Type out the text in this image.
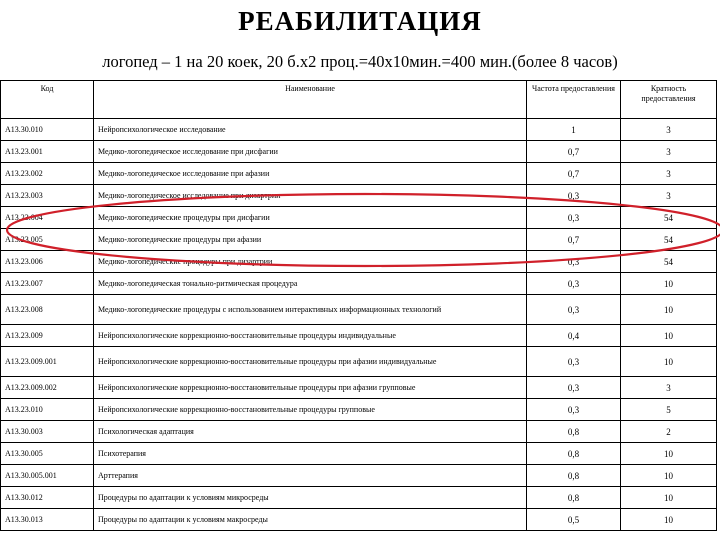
РЕАБИЛИТАЦИЯ
логопед – 1 на 20 коек, 20 б.х2 проц.=40х10мин.=400 мин.(более 8 часов)
Код	Наименование	Частота предоставления	Кратность предоставления
A13.30.010	Нейропсихологическое исследование	1	3
A13.23.001	Медико-логопедическое исследование при дисфагии	0,7	3
A13.23.002	Медико-логопедическое исследование при афазии	0,7	3
A13.23.003	Медико-логопедическое исследование при дизартрии	0,3	3
A13.23.004	Медико-логопедические процедуры при дисфагии	0,3	54
A13.23.005	Медико-логопедические процедуры при афазии	0,7	54
A13.23.006	Медико-логопедические процедуры при дизартрии	0,3	54
A13.23.007	Медико-логопедическая тонально-ритмическая процедура	0,3	10
A13.23.008	Медико-логопедические процедуры с использованием интерактивных информационных технологий	0,3	10
A13.23.009	Нейропсихологические коррекционно-восстановительные процедуры индивидуальные	0,4	10
A13.23.009.001	Нейропсихологические коррекционно-восстановительные процедуры при афазии индивидуальные	0,3	10
A13.23.009.002	Нейропсихологические коррекционно-восстановительные процедуры при афазии групповые	0,3	3
A13.23.010	Нейропсихологические коррекционно-восстановительные процедуры групповые	0,3	5
A13.30.003	Психологическая адаптация	0,8	2
A13.30.005	Психотерапия	0,8	10
A13.30.005.001	Арттерапия	0,8	10
A13.30.012	Процедуры по адаптации к условиям микросреды	0,8	10
A13.30.013	Процедуры по адаптации к условиям макросреды	0,5	10
